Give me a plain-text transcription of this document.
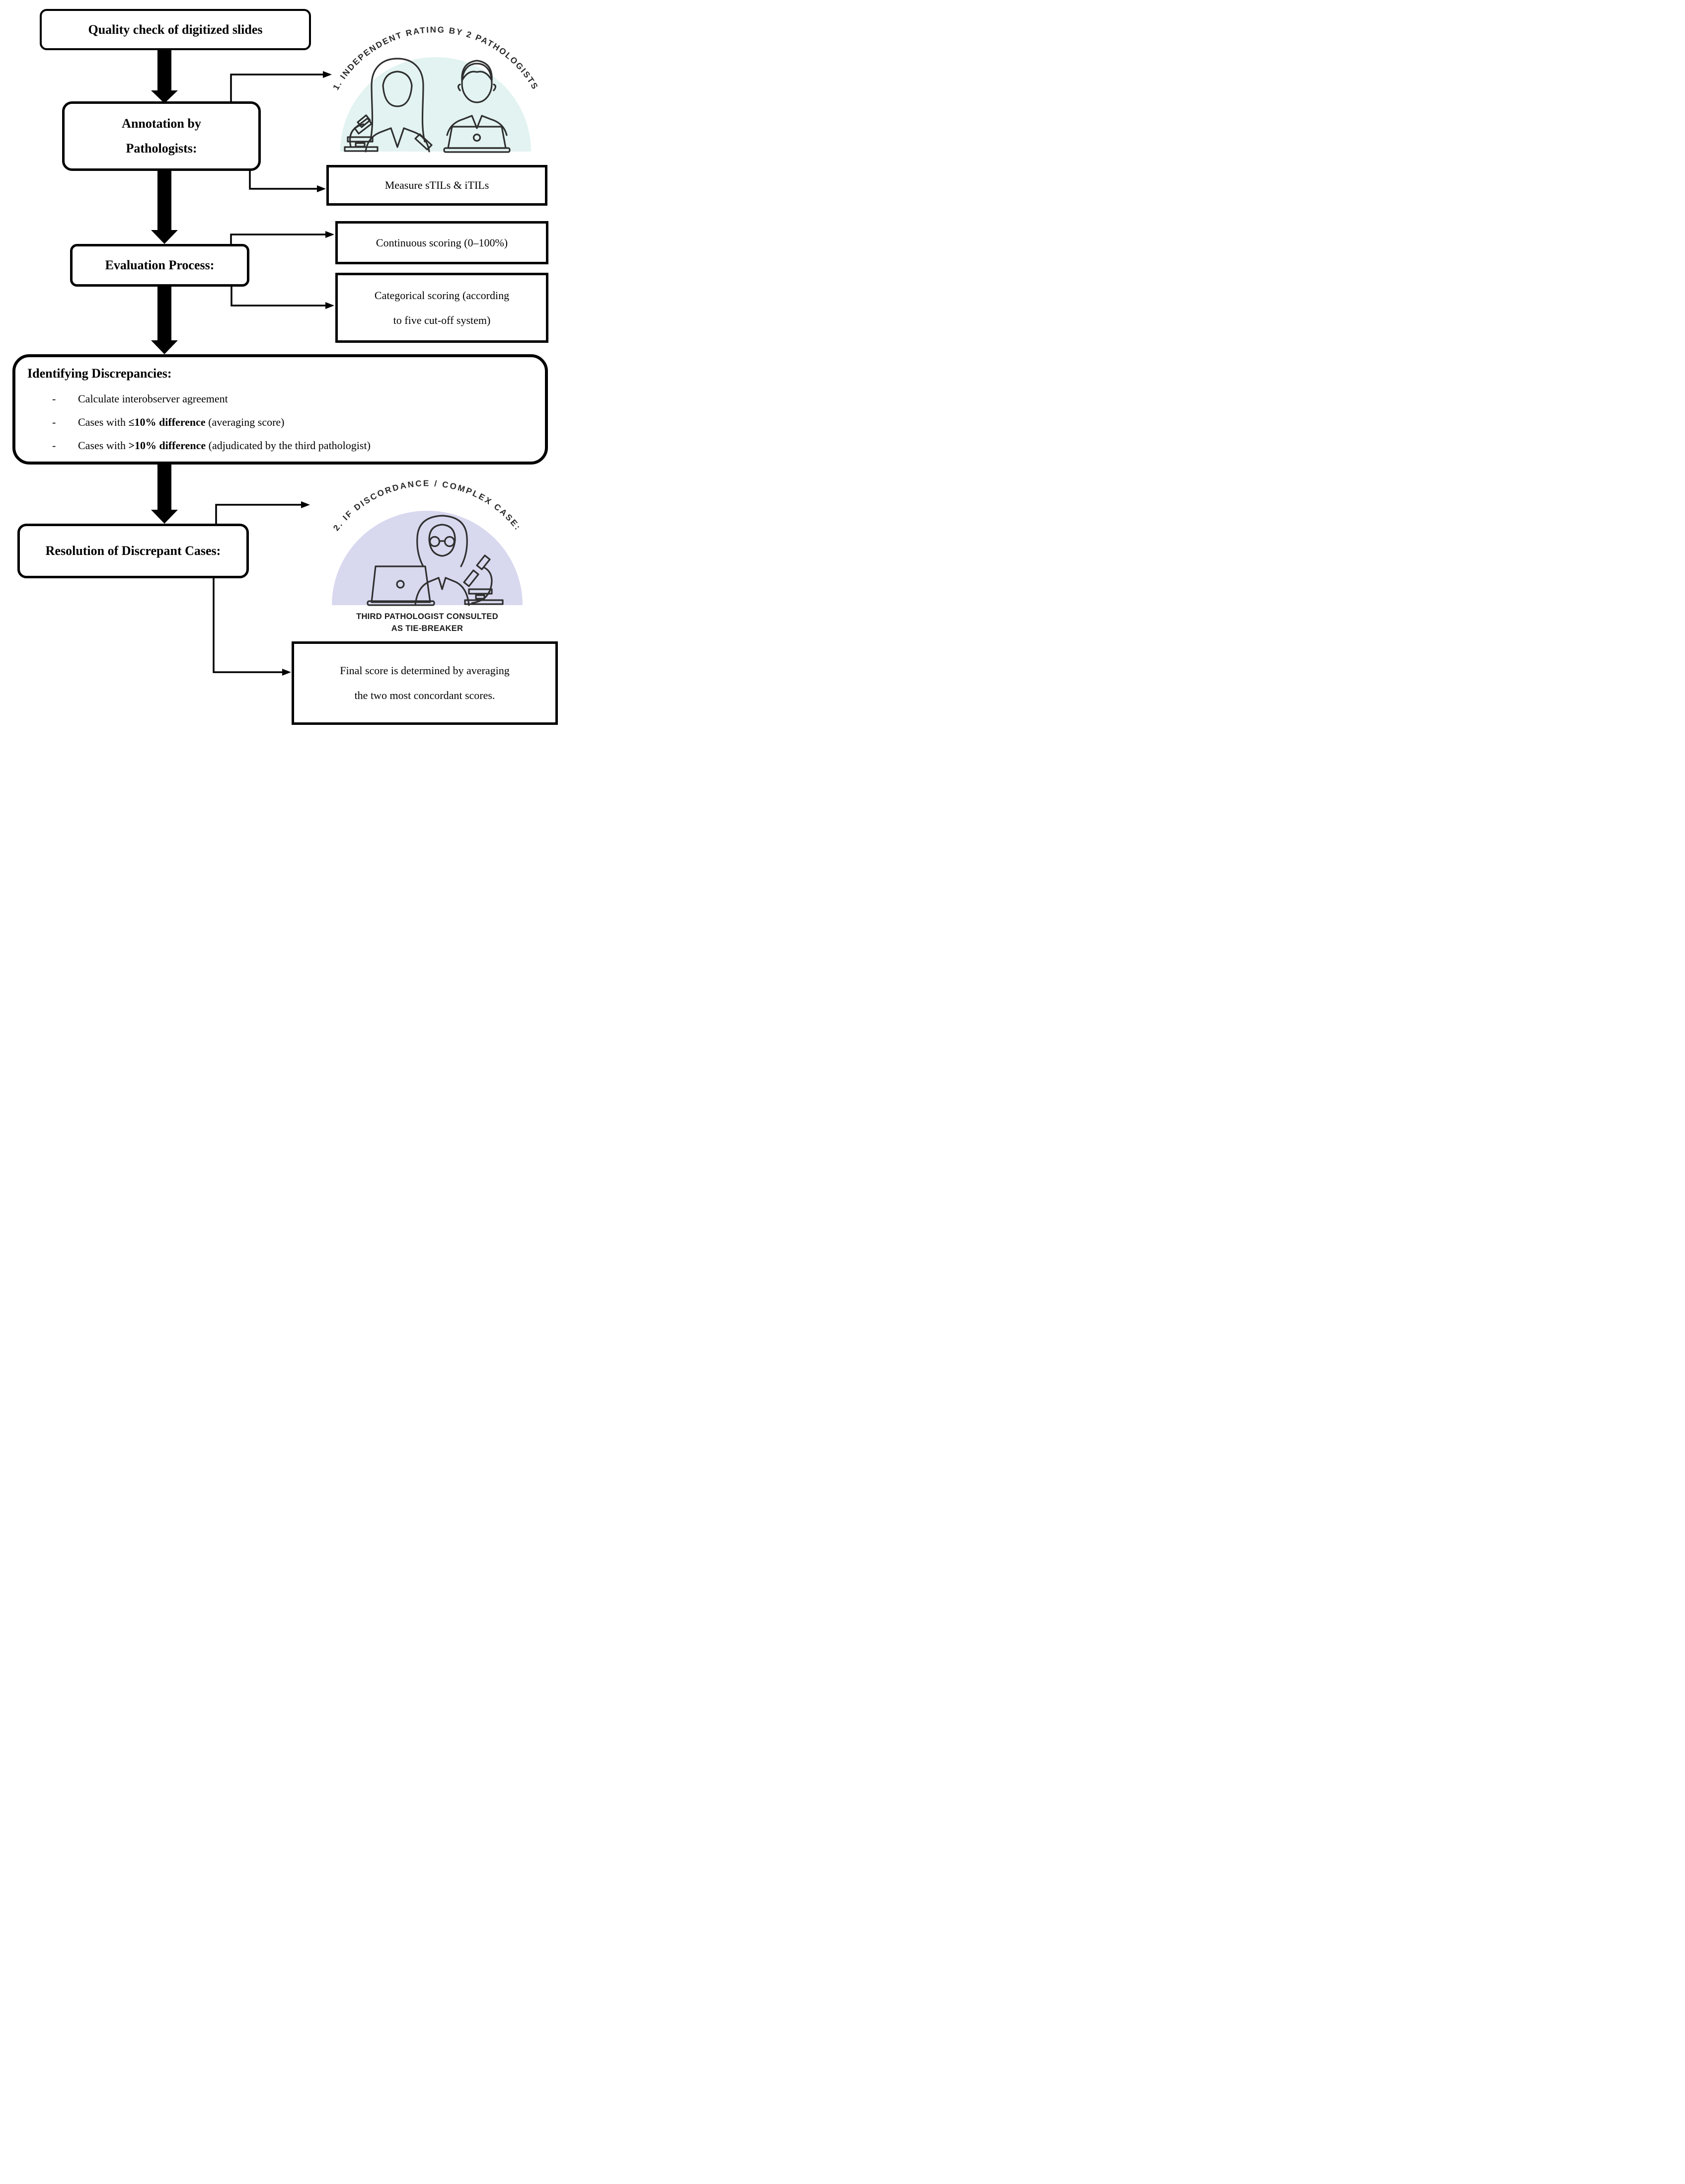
1. INDEPENDENT RATING BY 2 PATHOLOGISTS
2. IF DISCORDANCE / COMPLEX CASE:
THIRD PATHOLOGIST CONSULTED
AS TIE-BREAKER
Quality check of digitized slides
Annotation by
Pathologists:
Measure sTILs & iTILs
Evaluation Process:
Continuous scoring (0–100%)
Categorical scoring (according
to five cut-off system)
Identifying Discrepancies:
- Calculate interobserver agreement
- Cases with ≤10% difference (averaging score)
- Cases with >10% difference (adjudicated by the third pathologist)
Resolution of Discrepant Cases:
Final score is determined by averaging
the two most concordant scores.
